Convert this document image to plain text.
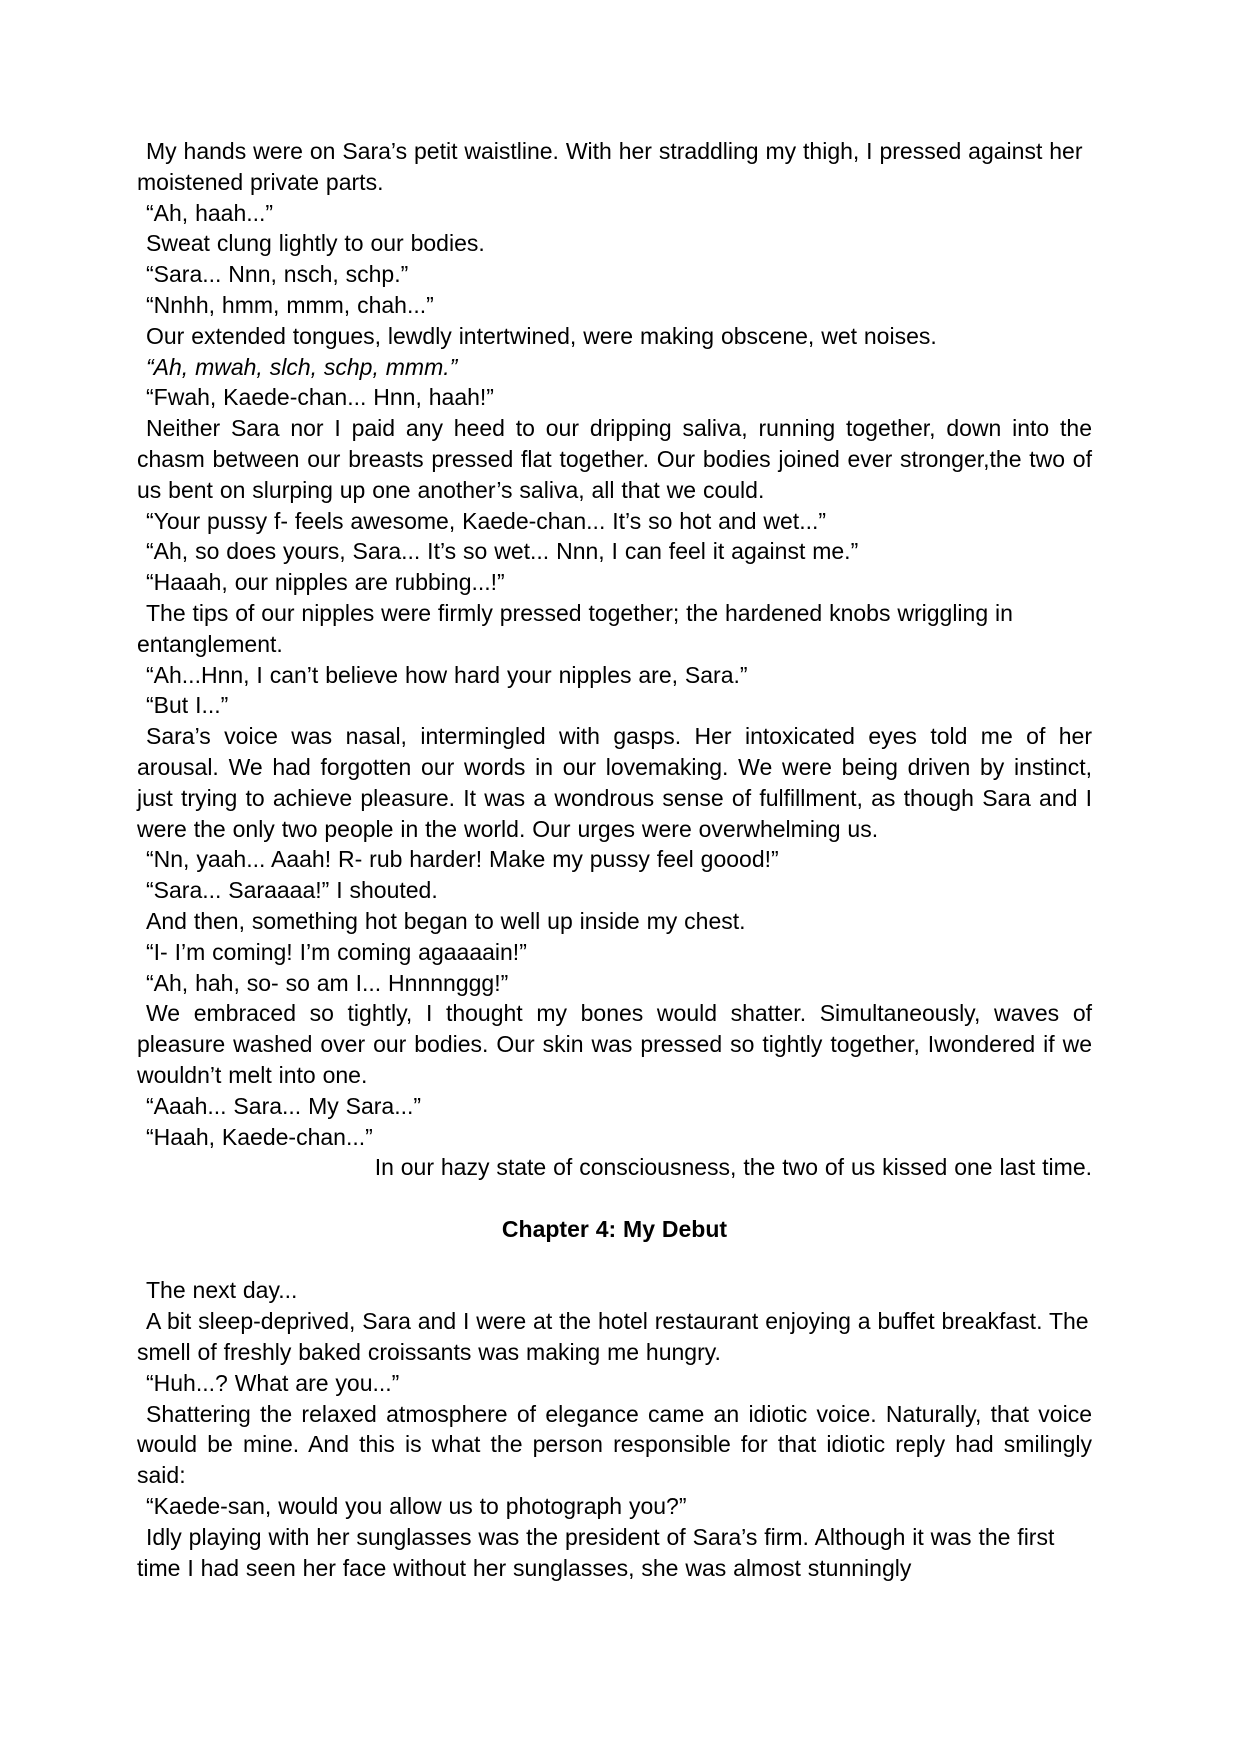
My hands were on Sara’s petit waistline. With her straddling my thigh, I pressed against her moistened private parts.

“Ah, haah...”

Sweat clung lightly to our bodies.

“Sara... Nnn, nsch, schp.”

“Nnhh, hmm, mmm, chah...”

Our extended tongues, lewdly intertwined, were making obscene, wet noises.

“Ah, mwah, slch, schp, mmm.”

“Fwah, Kaede-chan... Hnn, haah!”

Neither Sara nor I paid any heed to our dripping saliva, running together, down into the chasm between our breasts pressed flat together. Our bodies joined ever stronger,the two of us bent on slurping up one another’s saliva, all that we could.

“Your pussy f- feels awesome, Kaede-chan... It’s so hot and wet...”

“Ah, so does yours, Sara... It’s so wet... Nnn, I can feel it against me.”

“Haaah, our nipples are rubbing...!”

The tips of our nipples were firmly pressed together; the hardened knobs wriggling in entanglement.

“Ah...Hnn, I can’t believe how hard your nipples are, Sara.”

“But I...”

Sara’s voice was nasal, intermingled with gasps. Her intoxicated eyes told me of her arousal. We had forgotten our words in our lovemaking. We were being driven by instinct, just trying to achieve pleasure. It was a wondrous sense of fulfillment, as though Sara and I were the only two people in the world. Our urges were overwhelming us.

“Nn, yaah... Aaah! R- rub harder! Make my pussy feel goood!”

“Sara... Saraaaa!” I shouted.

And then, something hot began to well up inside my chest.

“I- I’m coming! I’m coming agaaaain!”

“Ah, hah, so- so am I... Hnnnnggg!”

We embraced so tightly, I thought my bones would shatter. Simultaneously, waves of pleasure washed over our bodies. Our skin was pressed so tightly together, Iwondered if we wouldn’t melt into one.

“Aaah... Sara... My Sara...”

“Haah, Kaede-chan...”

In our hazy state of consciousness, the two of us kissed one last time.

Chapter 4: My Debut

The next day...

A bit sleep-deprived, Sara and I were at the hotel restaurant enjoying a buffet breakfast. The smell of freshly baked croissants was making me hungry.

“Huh...? What are you...”

Shattering the relaxed atmosphere of elegance came an idiotic voice. Naturally, that voice would be mine. And this is what the person responsible for that idiotic reply had smilingly said:

“Kaede-san, would you allow us to photograph you?”

Idly playing with her sunglasses was the president of Sara’s firm. Although it was the first time I had seen her face without her sunglasses, she was almost stunningly
